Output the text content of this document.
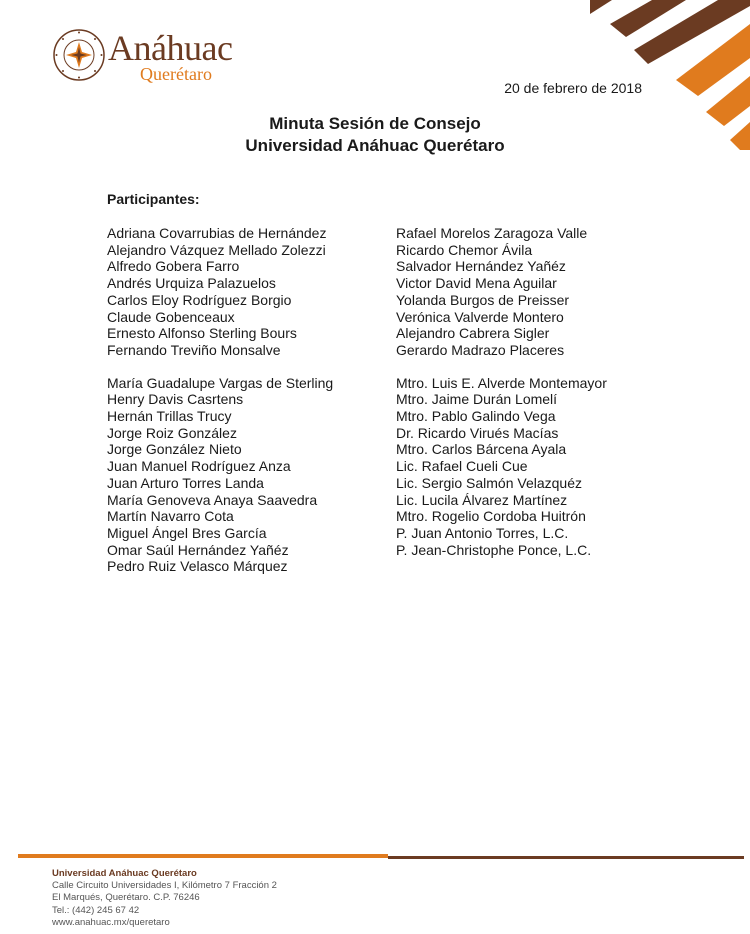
Anáhuac
Querétaro
20 de febrero de 2018
Minuta Sesión de Consejo
Universidad Anáhuac Querétaro
Participantes:
Adriana Covarrubias de Hernández
Alejandro Vázquez Mellado Zolezzi
Alfredo Gobera Farro
Andrés Urquiza Palazuelos
Carlos Eloy Rodríguez Borgio
Claude Gobenceaux
Ernesto Alfonso Sterling Bours
Fernando Treviño Monsalve
María Guadalupe Vargas de Sterling
Henry Davis Casrtens
Hernán Trillas Trucy
Jorge Roiz González
Jorge González Nieto
Juan Manuel Rodríguez Anza
Juan Arturo Torres Landa
María Genoveva Anaya Saavedra
Martín Navarro Cota
Miguel Ángel Bres García
Omar Saúl Hernández Yañéz
Pedro Ruiz Velasco Márquez
Rafael Morelos Zaragoza Valle
Ricardo Chemor Ávila
Salvador Hernández Yañéz
Victor David Mena Aguilar
Yolanda Burgos de Preisser
Verónica Valverde Montero
Alejandro Cabrera Sigler
Gerardo Madrazo Placeres
Mtro. Luis E. Alverde Montemayor
Mtro. Jaime Durán Lomelí
Mtro. Pablo Galindo Vega
Dr. Ricardo Virués Macías
Mtro. Carlos Bárcena Ayala
Lic. Rafael Cueli Cue
Lic. Sergio Salmón Velazquéz
Lic. Lucila Álvarez Martínez
Mtro. Rogelio Cordoba Huitrón
P. Juan Antonio Torres, L.C.
P. Jean-Christophe Ponce, L.C.
Universidad Anáhuac Querétaro
Calle Circuito Universidades I, Kilómetro 7 Fracción 2
El Marqués, Querétaro. C.P. 76246
Tel.: (442) 245 67 42
www.anahuac.mx/queretaro
